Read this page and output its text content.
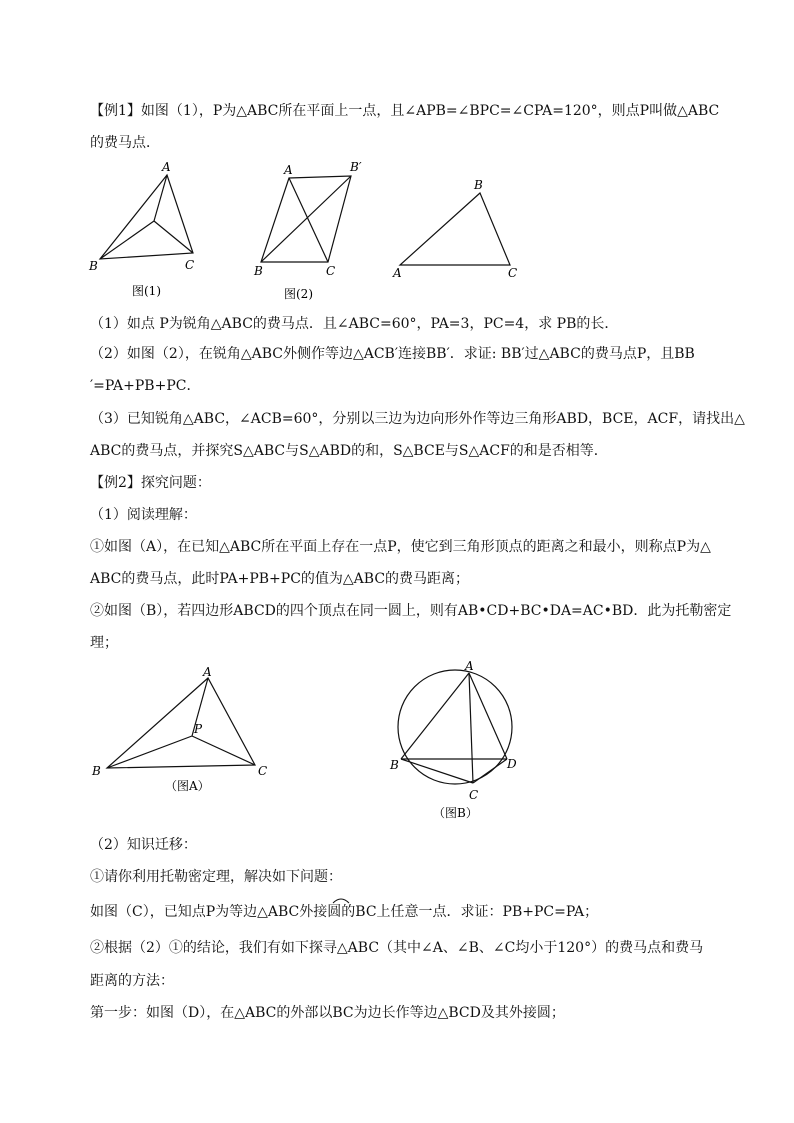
【例1】如图（1），P为△ABC所在平面上一点，且∠APB=∠BPC=∠CPA=120°，则点P叫做△ABC
的费马点．
A
B	C
图(1)
A	B′
B	C
图(2)
B
A	C
（1）如点 P为锐角△ABC的费马点．且∠ABC=60°，PA=3，PC=4，求 PB的长．
（2）如图（2），在锐角△ABC外侧作等边△ACB′连接BB′．求证: BB′过△ABC的费马点P，且BB
′=PA+PB+PC．
（3）已知锐角△ABC，∠ACB=60°，分别以三边为边向形外作等边三角形ABD，BCE，ACF，请找出△
ABC的费马点，并探究S△ABC与S△ABD的和，S△BCE与S△ACF的和是否相等．
【例2】探究问题：
（1）阅读理解：
①如图（A），在已知△ABC所在平面上存在一点P，使它到三角形顶点的距离之和最小，则称点P为△
ABC的费马点，此时PA+PB+PC的值为△ABC的费马距离；
②如图（B），若四边形ABCD的四个顶点在同一圆上，则有AB•CD+BC•DA=AC•BD．此为托勒密定
理；
A
P
B	C
（图A）
A
B
C
D
（图B）
（2）知识迁移：
①请你利用托勒密定理，解决如下问题：
如图（C），已知点P为等边△ABC外接圆的BC上任意一点．求证：PB+PC=PA；
②根据（2）①的结论，我们有如下探寻△ABC（其中∠A、∠B、∠C均小于120°）的费马点和费马
距离的方法：
第一步：如图（D），在△ABC的外部以BC为边长作等边△BCD及其外接圆；
